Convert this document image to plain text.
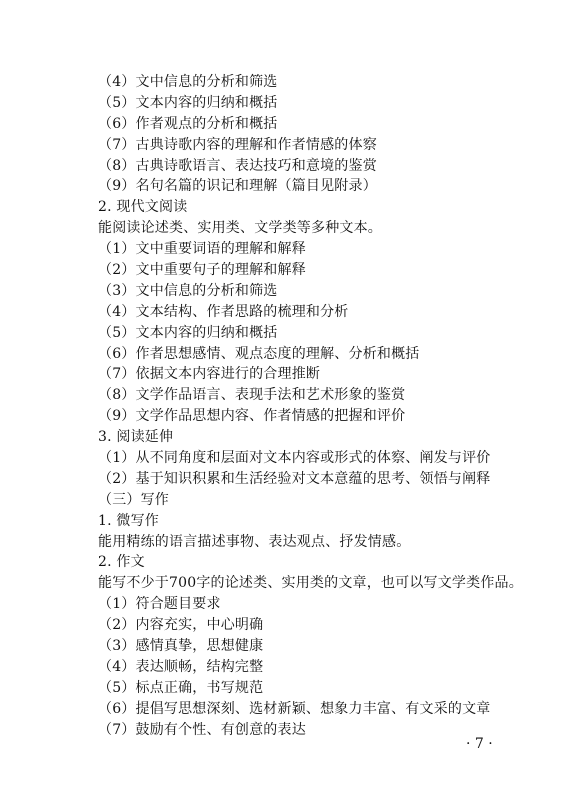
（4）文中信息的分析和筛选
（5）文本内容的归纳和概括
（6）作者观点的分析和概括
（7）古典诗歌内容的理解和作者情感的体察
（8）古典诗歌语言、表达技巧和意境的鉴赏
（9）名句名篇的识记和理解（篇目见附录）
2. 现代文阅读
能阅读论述类、实用类、文学类等多种文本。
（1）文中重要词语的理解和解释
（2）文中重要句子的理解和解释
（3）文中信息的分析和筛选
（4）文本结构、作者思路的梳理和分析
（5）文本内容的归纳和概括
（6）作者思想感情、观点态度的理解、分析和概括
（7）依据文本内容进行的合理推断
（8）文学作品语言、表现手法和艺术形象的鉴赏
（9）文学作品思想内容、作者情感的把握和评价
3. 阅读延伸
（1）从不同角度和层面对文本内容或形式的体察、阐发与评价
（2）基于知识积累和生活经验对文本意蕴的思考、领悟与阐释
（三）写作
1. 微写作
能用精练的语言描述事物、表达观点、抒发情感。
2. 作文
能写不少于700字的论述类、实用类的文章，也可以写文学类作品。
（1）符合题目要求
（2）内容充实，中心明确
（3）感情真挚，思想健康
（4）表达顺畅，结构完整
（5）标点正确，书写规范
（6）提倡写思想深刻、选材新颖、想象力丰富、有文采的文章
（7）鼓励有个性、有创意的表达
· 7 ·
